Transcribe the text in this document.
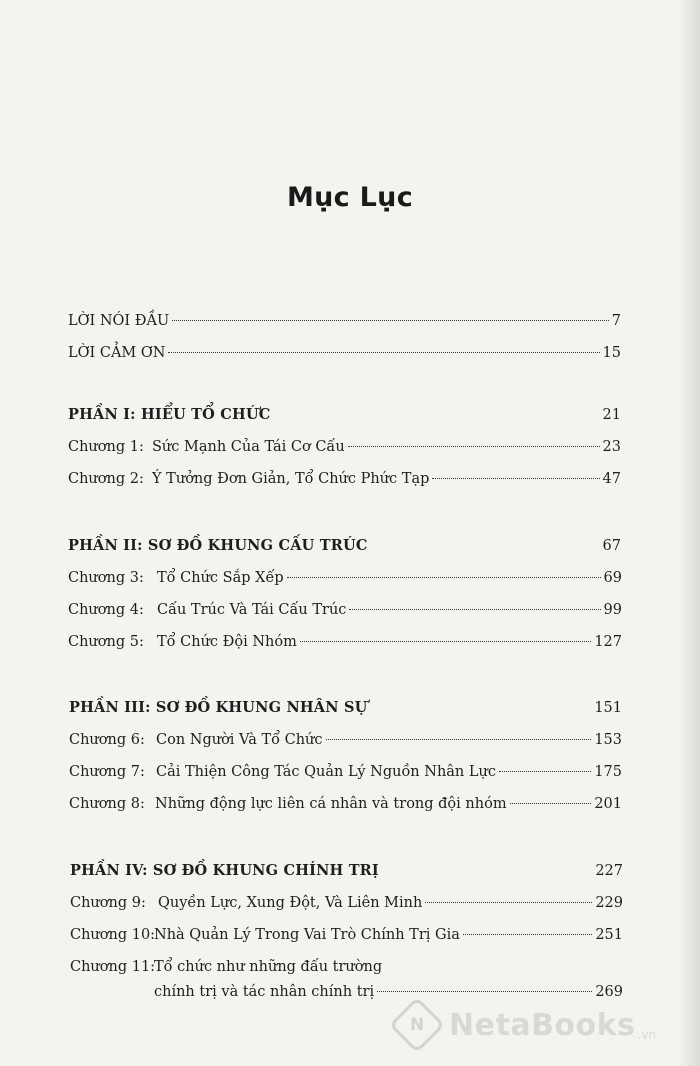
Mục Lục
LỜI NÓI ĐẦU	7
LỜI CẢM ƠN	15
PHẦN I: HIỂU TỔ CHỨC	21
Chương 1: Sức Mạnh Của Tái Cơ Cấu	23
Chương 2: Ý Tưởng Đơn Giản, Tổ Chức Phức Tạp	47
PHẦN II: SƠ ĐỒ KHUNG CẤU TRÚC	67
Chương 3: Tổ Chức Sắp Xếp	69
Chương 4: Cấu Trúc Và Tái Cấu Trúc	99
Chương 5: Tổ Chức Đội Nhóm	127
PHẦN III: SƠ ĐỒ KHUNG NHÂN SỰ	151
Chương 6: Con Người Và Tổ Chức	153
Chương 7: Cải Thiện Công Tác Quản Lý Nguồn Nhân Lực	175
Chương 8: Những động lực liên cá nhân và trong đội nhóm	201
PHẦN IV: SƠ ĐỒ KHUNG CHÍNH TRỊ	227
Chương 9: Quyền Lực, Xung Đột, Và Liên Minh	229
Chương 10:
Nhà Quản Lý Trong Vai Trò Chính Trị Gia	251
Chương 11:
Tổ chức như những đấu trường
chính trị và tác nhân chính trị	269
N NetaBooks .vn
